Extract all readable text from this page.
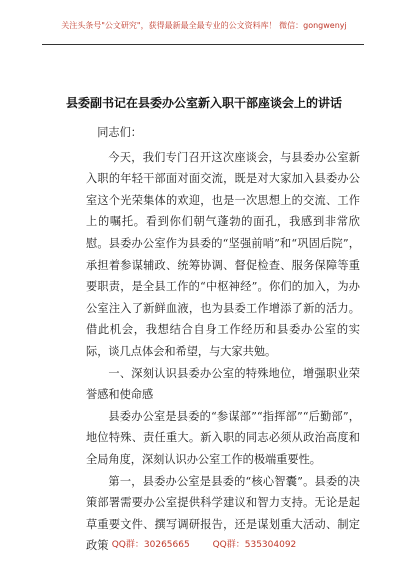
关注头条号"公文研究"，获得最新最全最专业的公文资料库！ 微信：gongwenyj
县委副书记在县委办公室新入职干部座谈会上的讲话

同志们：

今天，我们专门召开这次座谈会，与县委办公室新入职的年轻干部面对面交流，既是对大家加入县委办公室这个光荣集体的欢迎，也是一次思想上的交流、工作上的嘱托。看到你们朝气蓬勃的面孔，我感到非常欣慰。县委办公室作为县委的“坚强前哨”和“巩固后院”，承担着参谋辅政、统筹协调、督促检查、服务保障等重要职责，是全县工作的“中枢神经”。你们的加入，为办公室注入了新鲜血液，也为县委工作增添了新的活力。借此机会，我想结合自身工作经历和县委办公室的实际，谈几点体会和希望，与大家共勉。

一、深刻认识县委办公室的特殊地位，增强职业荣誉感和使命感

县委办公室是县委的“参谋部”“指挥部”“后勤部”，地位特殊、责任重大。新入职的同志必须从政治高度和全局角度，深刻认识办公室工作的极端重要性。

第一，县委办公室是县委的“核心智囊”。县委的决策部署需要办公室提供科学建议和智力支持。无论是起草重要文件、撰写调研报告，还是谋划重大活动、制定政策 QQ群：30265665	QQ群：535304092
